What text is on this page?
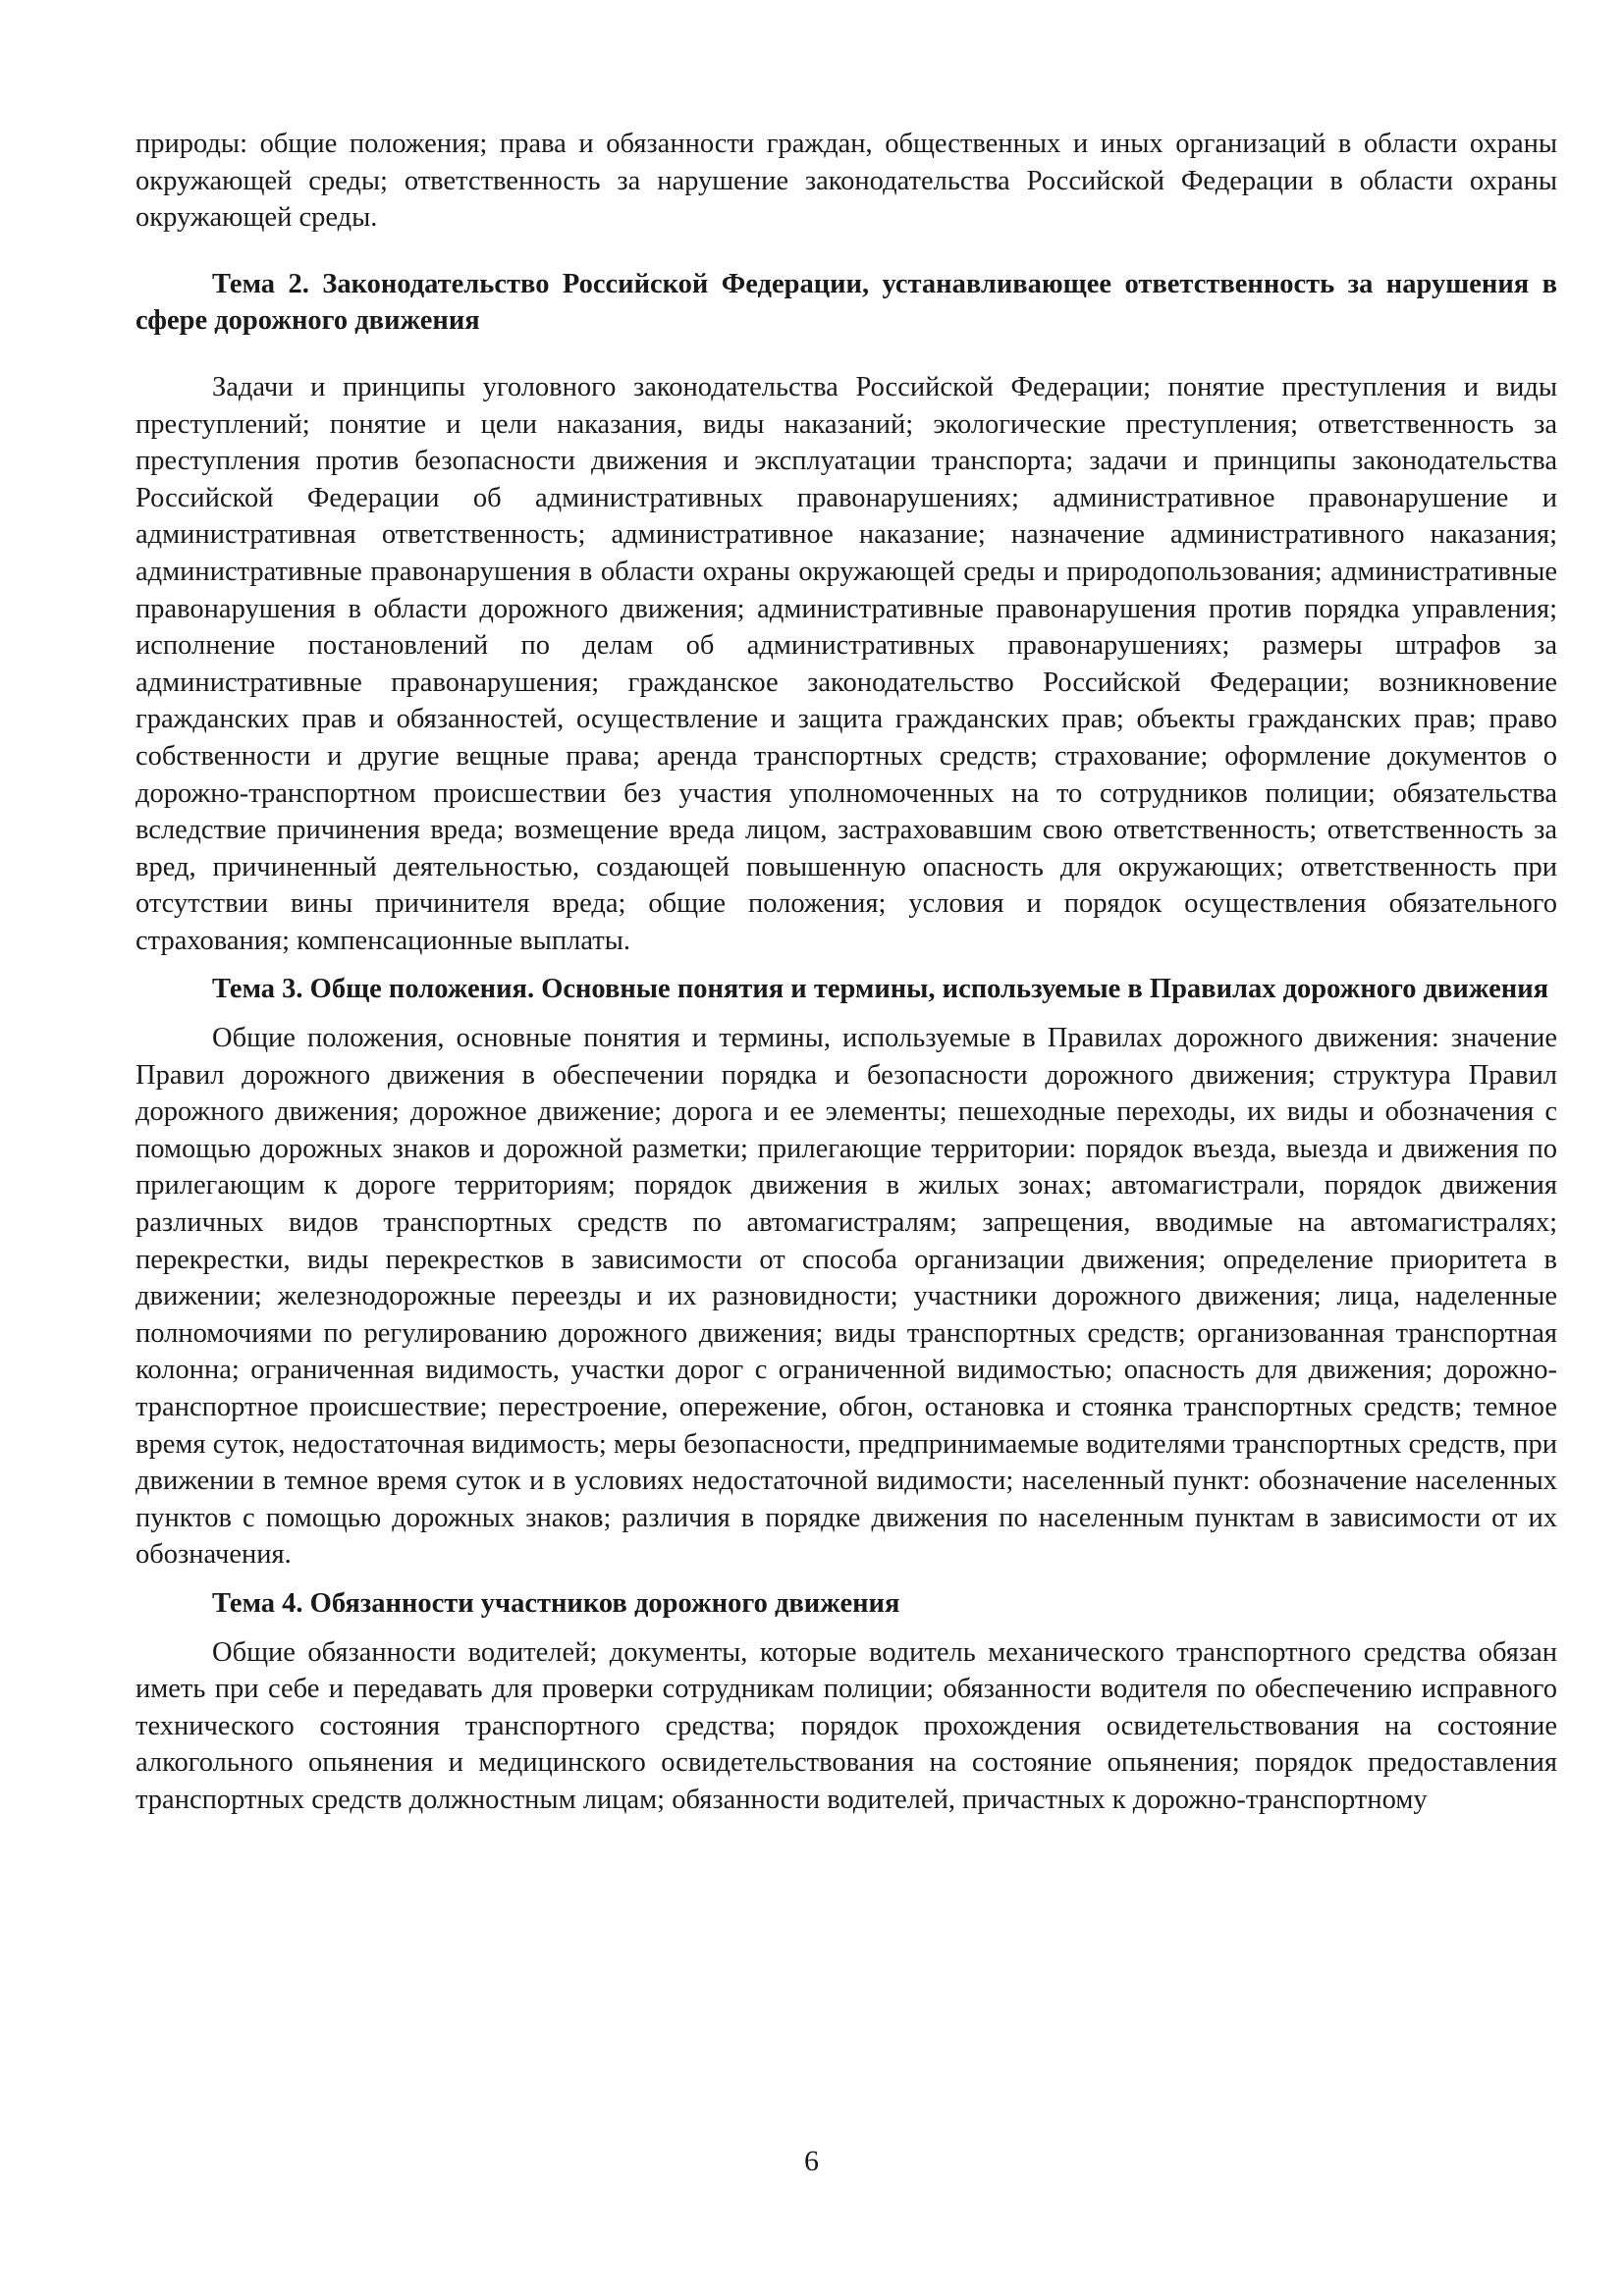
природы: общие положения; права и обязанности граждан, общественных и иных организаций в области охраны окружающей среды; ответственность за нарушение законодательства Российской Федерации в области охраны окружающей среды.

Тема 2. Законодательство Российской Федерации, устанавливающее ответственность за нарушения в сфере дорожного движения

Задачи и принципы уголовного законодательства Российской Федерации; понятие преступления и виды преступлений; понятие и цели наказания, виды наказаний; экологические преступления; ответственность за преступления против безопасности движения и эксплуатации транспорта; задачи и принципы законодательства Российской Федерации об административных правонарушениях; административное правонарушение и административная ответственность; административное наказание; назначение административного наказания; административные правонарушения в области охраны окружающей среды и природопользования; административные правонарушения в области дорожного движения; административные правонарушения против порядка управления; исполнение постановлений по делам об административных правонарушениях; размеры штрафов за административные правонарушения; гражданское законодательство Российской Федерации; возникновение гражданских прав и обязанностей, осуществление и защита гражданских прав; объекты гражданских прав; право собственности и другие вещные права; аренда транспортных средств; страхование; оформление документов о дорожно-транспортном происшествии без участия уполномоченных на то сотрудников полиции; обязательства вследствие причинения вреда; возмещение вреда лицом, застраховавшим свою ответственность; ответственность за вред, причиненный деятельностью, создающей повышенную опасность для окружающих; ответственность при отсутствии вины причинителя вреда; общие положения; условия и порядок осуществления обязательного страхования; компенсационные выплаты.

Тема 3. Обще положения. Основные понятия и термины, используемые в Правилах дорожного движения

Общие положения, основные понятия и термины, используемые в Правилах дорожного движения: значение Правил дорожного движения в обеспечении порядка и безопасности дорожного движения; структура Правил дорожного движения; дорожное движение; дорога и ее элементы; пешеходные переходы, их виды и обозначения с помощью дорожных знаков и дорожной разметки; прилегающие территории: порядок въезда, выезда и движения по прилегающим к дороге территориям; порядок движения в жилых зонах; автомагистрали, порядок движения различных видов транспортных средств по автомагистралям; запрещения, вводимые на автомагистралях; перекрестки, виды перекрестков в зависимости от способа организации движения; определение приоритета в движении; железнодорожные переезды и их разновидности; участники дорожного движения; лица, наделенные полномочиями по регулированию дорожного движения; виды транспортных средств; организованная транспортная колонна; ограниченная видимость, участки дорог с ограниченной видимостью; опасность для движения; дорожно-транспортное происшествие; перестроение, опережение, обгон, остановка и стоянка транспортных средств; темное время суток, недостаточная видимость; меры безопасности, предпринимаемые водителями транспортных средств, при движении в темное время суток и в условиях недостаточной видимости; населенный пункт: обозначение населенных пунктов с помощью дорожных знаков; различия в порядке движения по населенным пунктам в зависимости от их обозначения.

Тема 4. Обязанности участников дорожного движения

Общие обязанности водителей; документы, которые водитель механического транспортного средства обязан иметь при себе и передавать для проверки сотрудникам полиции; обязанности водителя по обеспечению исправного технического состояния транспортного средства; порядок прохождения освидетельствования на состояние алкогольного опьянения и медицинского освидетельствования на состояние опьянения; порядок предоставления транспортных средств должностным лицам; обязанности водителей, причастных к дорожно-транспортному

6
